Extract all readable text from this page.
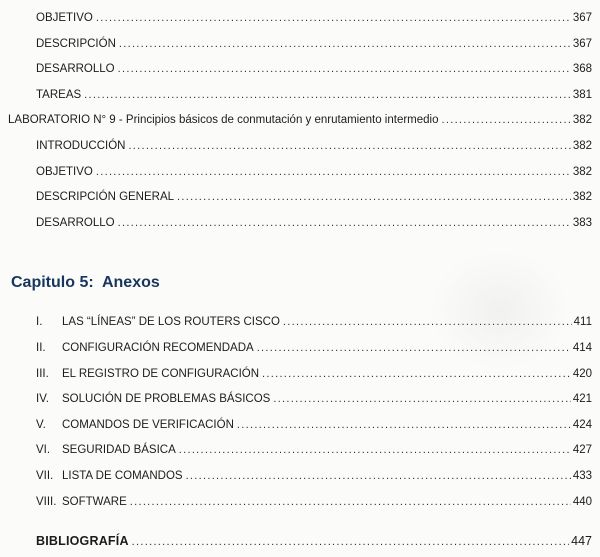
OBJETIVO .....	367
DESCRIPCIÓN .....	367
DESARROLLO .....	368
TAREAS .....	381
LABORATORIO N° 9 - Principios básicos de conmutación y enrutamiento intermedio .....	382
INTRODUCCIÓN .....	382
OBJETIVO .....	382
DESCRIPCIÓN GENERAL .....	382
DESARROLLO .....	383
Capitulo 5:  Anexos
I.	LAS “LÍNEAS” DE LOS ROUTERS CISCO .....	411
II.	CONFIGURACIÓN RECOMENDADA .....	414
III.	EL REGISTRO DE CONFIGURACIÓN .....	420
IV.	SOLUCIÓN DE PROBLEMAS BÁSICOS .....	421
V.	COMANDOS DE VERIFICACIÓN .....	424
VI.	SEGURIDAD BÁSICA .....	427
VII. LISTA DE COMANDOS .....	433
VIII. SOFTWARE .....	440
BIBLIOGRAFÍA .....	447
